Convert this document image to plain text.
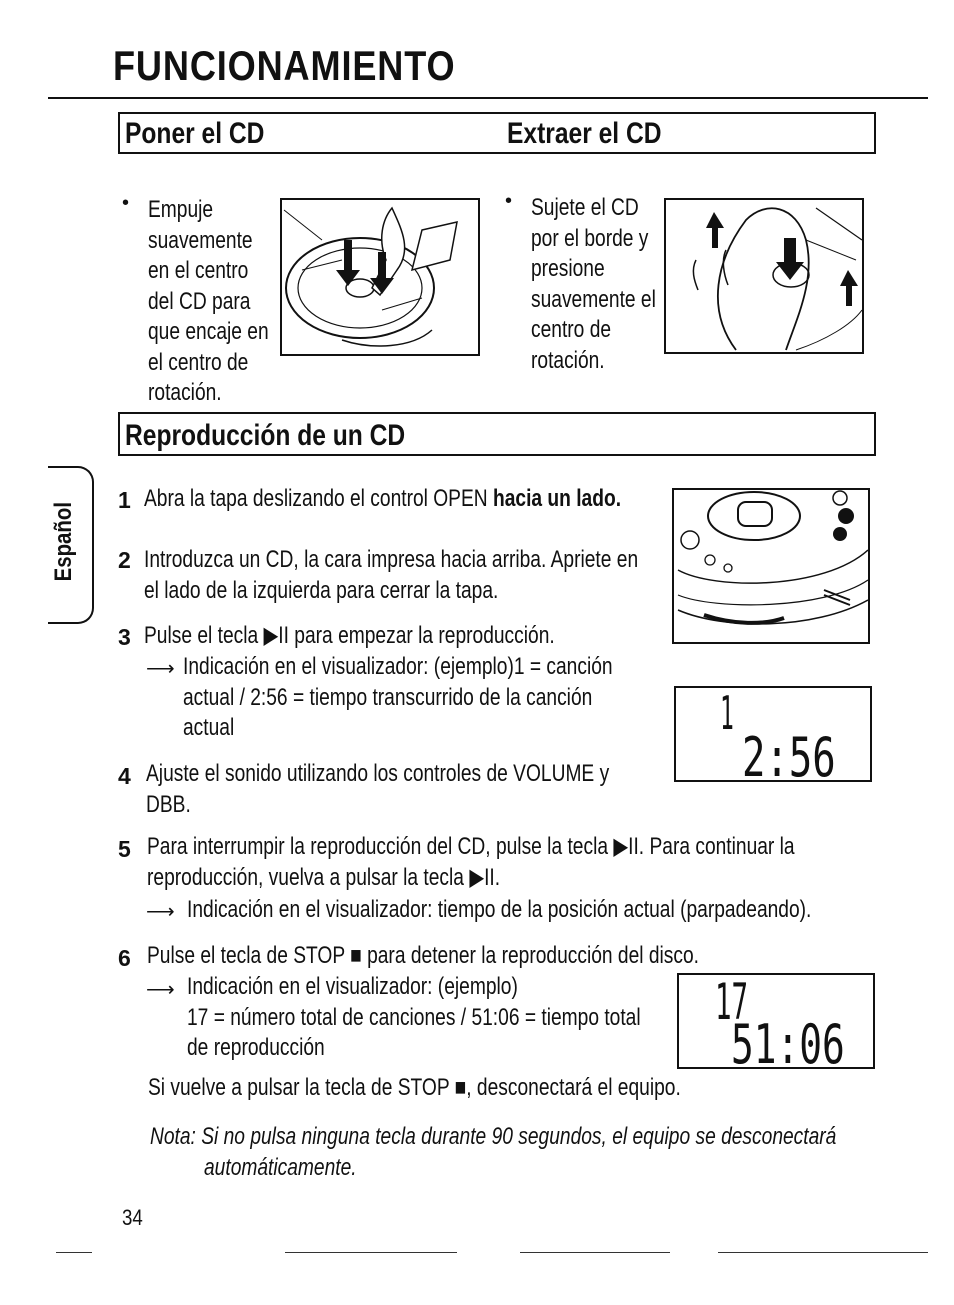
FUNCIONAMIENTO
Español
Poner el CD	Extraer el CD
• Empuje
suavemente
en el centro
del CD para
que encaje en
el centro de
rotación.
• Sujete el CD
por el borde y
presione
suavemente el
centro de
rotación.
Reproducción de un CD
1 Abra la tapa deslizando el control OPEN hacia un lado.
2 Introduzca un CD, la cara impresa hacia arriba. Apriete en
el lado de la izquierda para cerrar la tapa.
3 Pulse el tecla ▶II para empezar la reproducción.
⟶ Indicación en el visualizador: (ejemplo)1 = canción
actual / 2:56 = tiempo transcurrido de la canción
actual	1
2:56
4 Ajuste el sonido utilizando los controles de VOLUME y
DBB.
5 Para interrumpir la reproducción del CD, pulse la tecla ▶II. Para continuar la
reproducción, vuelva a pulsar la tecla ▶II.
⟶ Indicación en el visualizador: tiempo de la posición actual (parpadeando).
6 Pulse el tecla de STOP ■ para detener la reproducción del disco.
⟶ Indicación en el visualizador: (ejemplo)
17 = número total de canciones / 51:06 = tiempo total
de reproducción
17
51:06
Si vuelve a pulsar la tecla de STOP ■, desconectará el equipo.
Nota: Si no pulsa ninguna tecla durante 90 segundos, el equipo se desconectará
automáticamente.
34
